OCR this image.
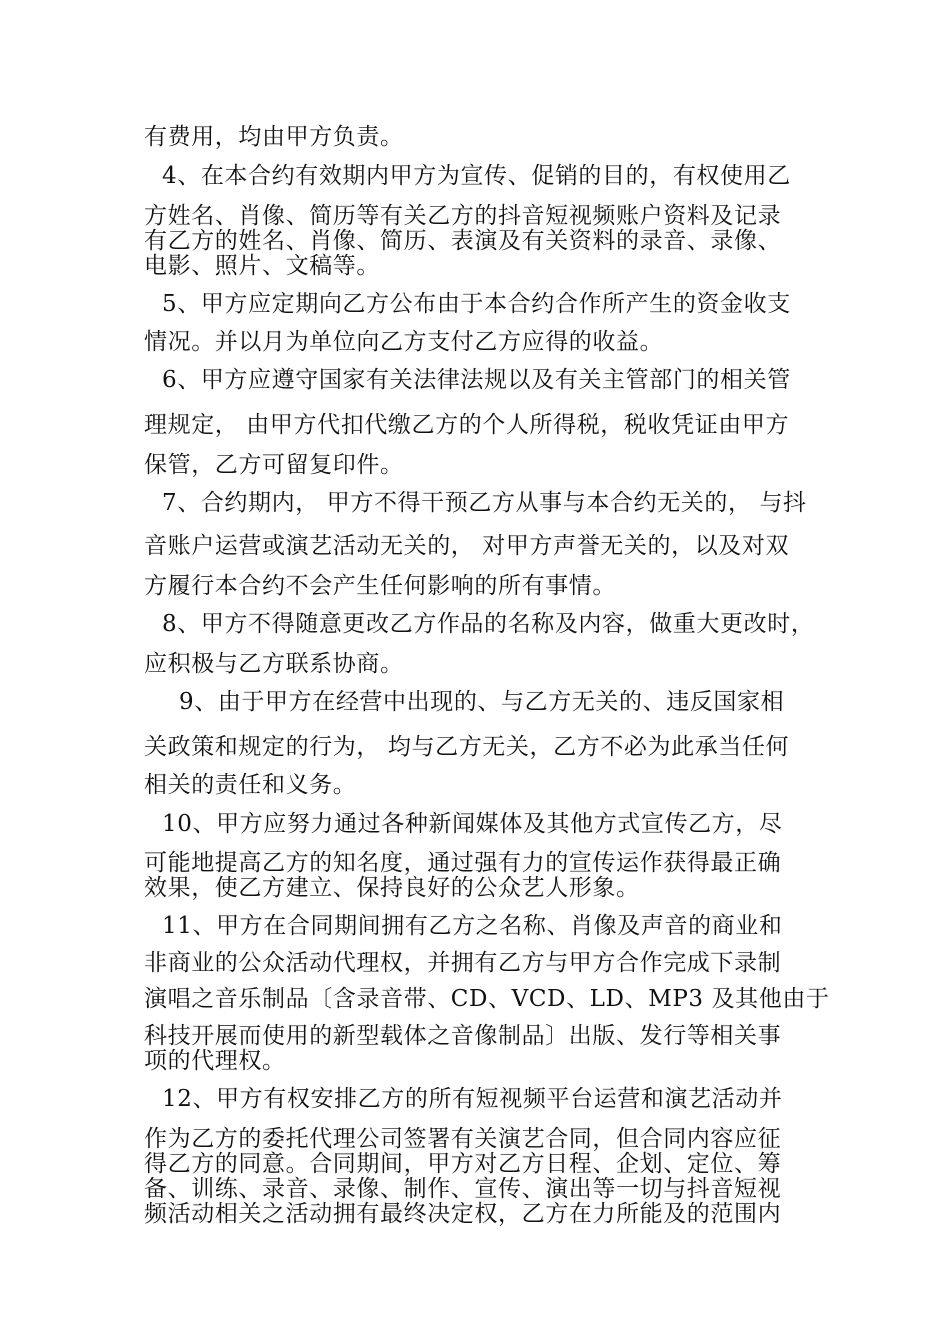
有费用，均由甲方负责。
4、在本合约有效期内甲方为宣传、促销的目的，有权使用乙
方姓名、肖像、简历等有关乙方的抖音短视频账户资料及记录
有乙方的姓名、肖像、简历、表演及有关资料的录音、录像、
电影、照片、文稿等。
5、甲方应定期向乙方公布由于本合约合作所产生的资金收支
情况。并以月为单位向乙方支付乙方应得的收益。
6、甲方应遵守国家有关法律法规以及有关主管部门的相关管
理规定， 由甲方代扣代缴乙方的个人所得税，税收凭证由甲方
保管，乙方可留复印件。
7、合约期内， 甲方不得干预乙方从事与本合约无关的， 与抖
音账户运营或演艺活动无关的， 对甲方声誉无关的，以及对双
方履行本合约不会产生任何影响的所有事情。
8、甲方不得随意更改乙方作品的名称及内容，做重大更改时，
应积极与乙方联系协商。
9、由于甲方在经营中出现的、与乙方无关的、违反国家相
关政策和规定的行为， 均与乙方无关，乙方不必为此承当任何
相关的责任和义务。
10、甲方应努力通过各种新闻媒体及其他方式宣传乙方，尽
可能地提高乙方的知名度，通过强有力的宣传运作获得最正确
效果，使乙方建立、保持良好的公众艺人形象。
11、甲方在合同期间拥有乙方之名称、肖像及声音的商业和
非商业的公众活动代理权，并拥有乙方与甲方合作完成下录制
演唱之音乐制品〔含录音带、CD、VCD、LD、MP3 及其他由于
科技开展而使用的新型载体之音像制品〕出版、发行等相关事
项的代理权。
12、甲方有权安排乙方的所有短视频平台运营和演艺活动并
作为乙方的委托代理公司签署有关演艺合同，但合同内容应征
得乙方的同意。合同期间，甲方对乙方日程、企划、定位、筹
备、训练、录音、录像、制作、宣传、演出等一切与抖音短视
频活动相关之活动拥有最终决定权，乙方在力所能及的范围内
